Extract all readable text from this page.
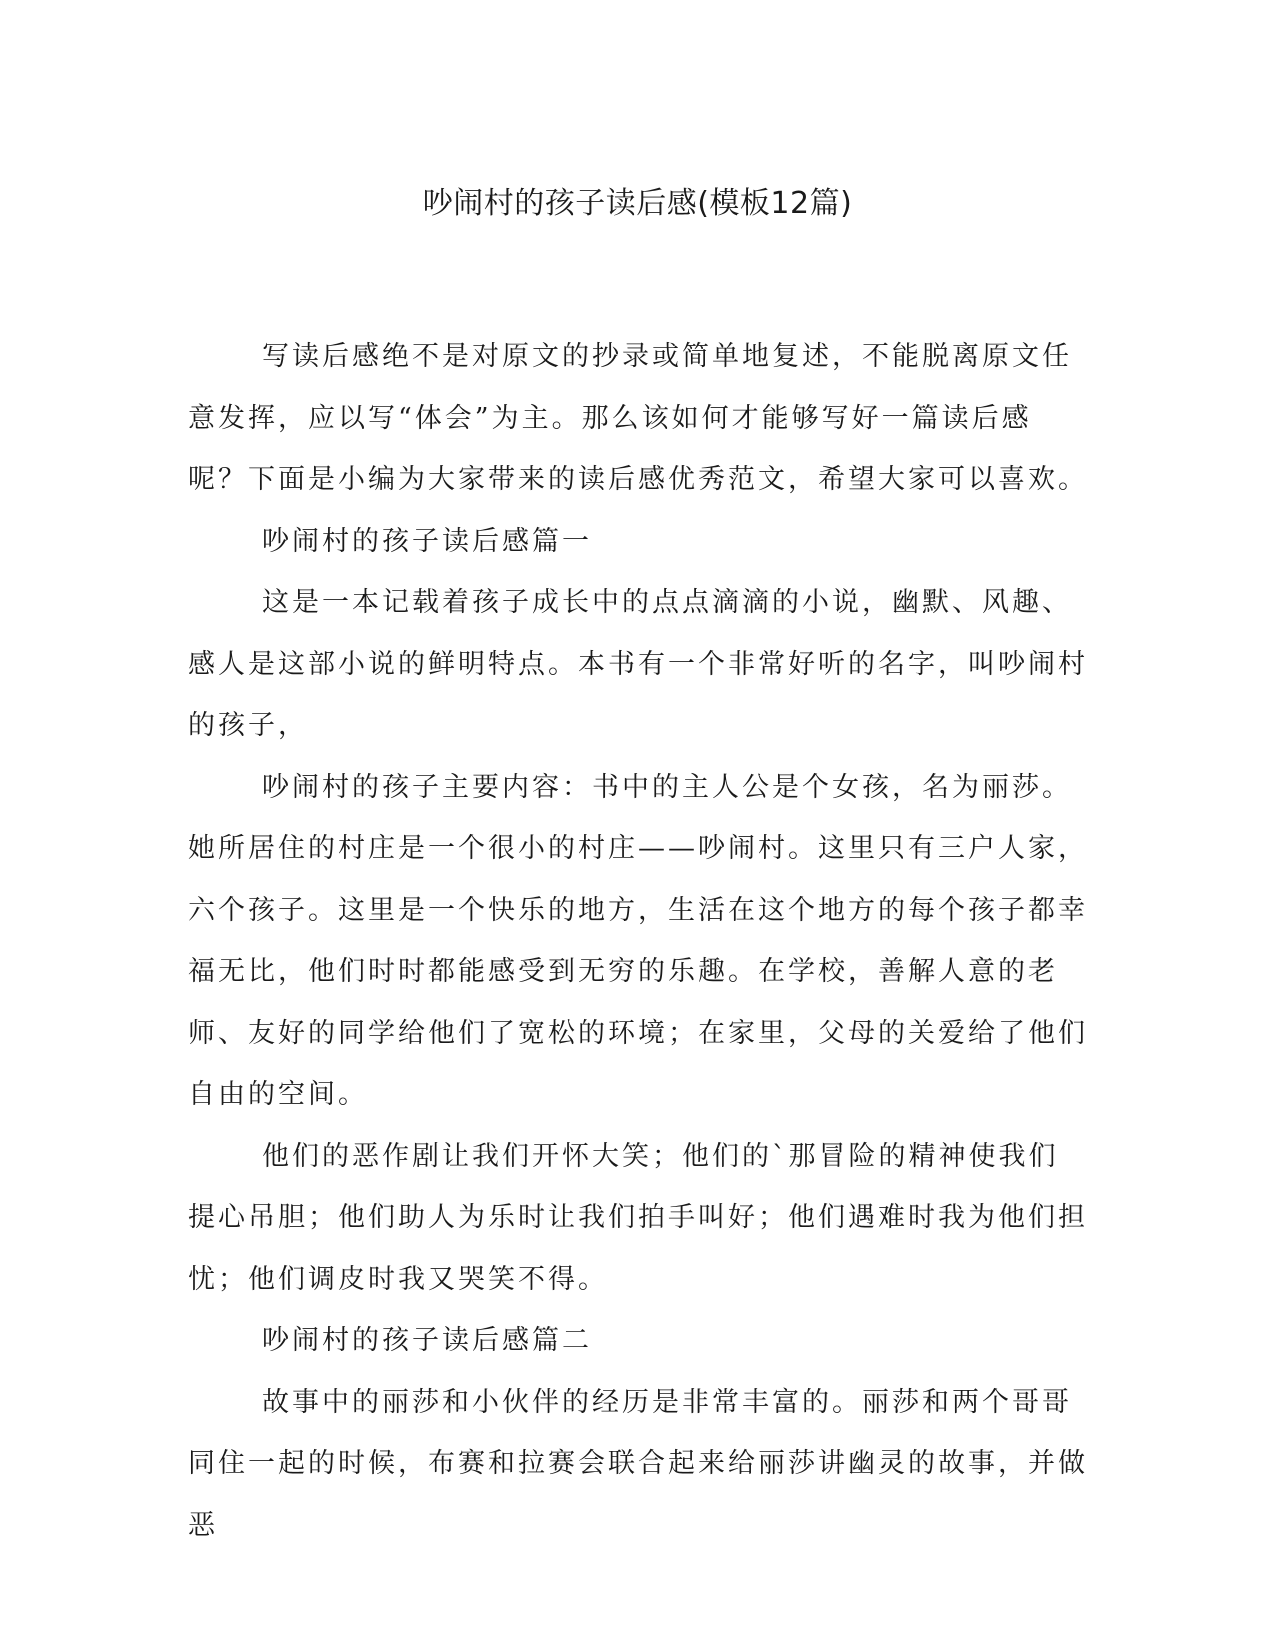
吵闹村的孩子读后感(模板12篇)

写读后感绝不是对原文的抄录或简单地复述，不能脱离原文任意发挥，应以写“体会”为主。那么该如何才能够写好一篇读后感呢？下面是小编为大家带来的读后感优秀范文，希望大家可以喜欢。

吵闹村的孩子读后感篇一

这是一本记载着孩子成长中的点点滴滴的小说，幽默、风趣、感人是这部小说的鲜明特点。本书有一个非常好听的名字，叫吵闹村的孩子，

吵闹村的孩子主要内容：书中的主人公是个女孩，名为丽莎。她所居住的村庄是一个很小的村庄——吵闹村。这里只有三户人家，六个孩子。这里是一个快乐的地方，生活在这个地方的每个孩子都幸福无比，他们时时都能感受到无穷的乐趣。在学校，善解人意的老师、友好的同学给他们了宽松的环境；在家里，父母的关爱给了他们自由的空间。

他们的恶作剧让我们开怀大笑；他们的`那冒险的精神使我们提心吊胆；他们助人为乐时让我们拍手叫好；他们遇难时我为他们担忧；他们调皮时我又哭笑不得。

吵闹村的孩子读后感篇二

故事中的丽莎和小伙伴的经历是非常丰富的。丽莎和两个哥哥同住一起的时候，布赛和拉赛会联合起来给丽莎讲幽灵的故事，并做恶
